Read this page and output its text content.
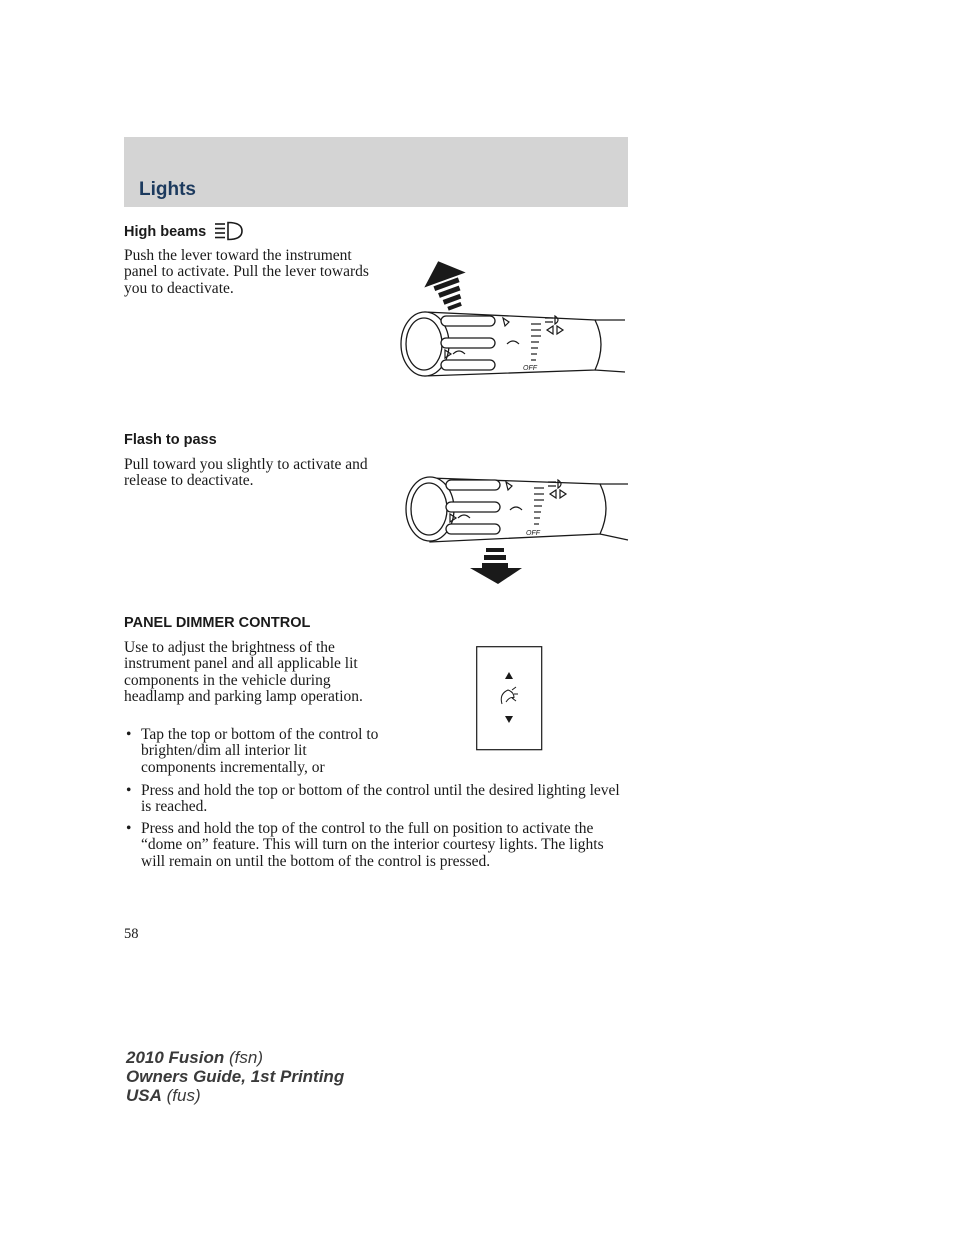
Lights
High beams
Push the lever toward the instrument panel to activate. Pull the lever towards you to deactivate.
OFF
Flash to pass
Pull toward you slightly to activate and release to deactivate.
OFF
PANEL DIMMER CONTROL
Use to adjust the brightness of the instrument panel and all applicable lit components in the vehicle during headlamp and parking lamp operation.
• Tap the top or bottom of the control to brighten/dim all interior lit components incrementally, or
• Press and hold the top or bottom of the control until the desired lighting level is reached.
• Press and hold the top of the control to the full on position to activate the “dome on” feature. This will turn on the interior courtesy lights. The lights will remain on until the bottom of the control is pressed.
58
2010 Fusion (fsn)
Owners Guide, 1st Printing
USA (fus)
